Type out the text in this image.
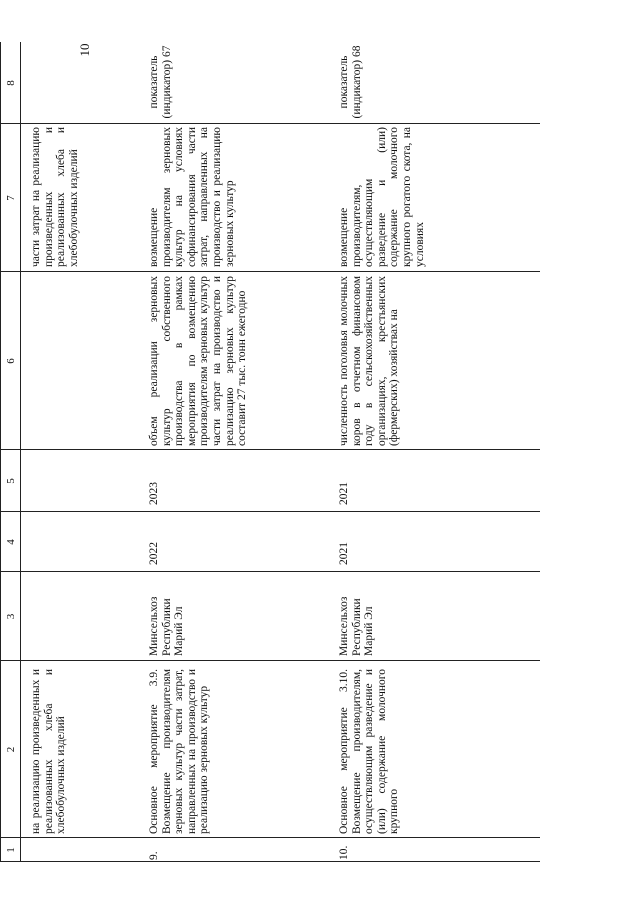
10
1
2
3
4
5
6
7
8
на реализацию произведенных и реализованных хлеба и хлебобулочных изделий
части затрат на реализацию произведенных и реализованных хлеба и хлебобулочных изделий
9.
Основное мероприятие 3.9. Возмещение производителям зерновых культур части затрат, направленных на производство и реализацию зерновых культур
Минсельхоз Республики Марий Эл
2022
2023
объем реализации зерновых культур собственного производства в рамках мероприятия по возмещению производителям зерновых культур части затрат на производство и реализацию зерновых культур составит 27 тыс. тонн ежегодно
возмещение производителям зерновых культур на условиях софинансирования части затрат, направленных на производство и реализацию зерновых культур
показатель (индикатор) 67
10.
Основное мероприятие 3.10. Возмещение производителям, осуществляющим разведение и (или) содержание молочного крупного
Минсельхоз Республики Марий Эл
2021
2021
численность поголовья молочных коров в отчетном финансовом году в сельскохозяйственных организациях, крестьянских (фермерских) хозяйствах на
возмещение производителям, осуществляющим разведение и (или) содержание молочного крупного рогатого скота, на условиях
показатель (индикатор) 68
